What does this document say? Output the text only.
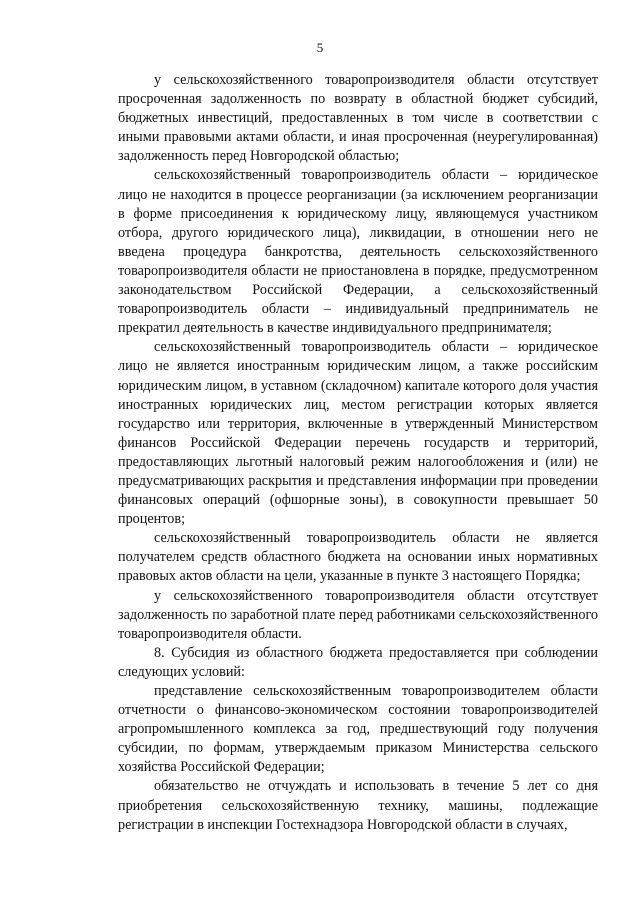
5

у сельскохозяйственного товаропроизводителя области отсутствует просроченная задолженность по возврату в областной бюджет субсидий, бюджетных инвестиций, предоставленных в том числе в соответствии с иными правовыми актами области, и иная просроченная (неурегулированная) задолженность перед Новгородской областью;

сельскохозяйственный товаропроизводитель области – юридическое лицо не находится в процессе реорганизации (за исключением реорганизации в форме присоединения к юридическому лицу, являющемуся участником отбора, другого юридического лица), ликвидации, в отношении него не введена процедура банкротства, деятельность сельскохозяйственного товаропроизводителя области не приостановлена в порядке, предусмотренном законодательством Российской Федерации, а сельскохозяйственный товаропроизводитель области – индивидуальный предприниматель не прекратил деятельность в качестве индивидуального предпринимателя;

сельскохозяйственный товаропроизводитель области – юридическое лицо не является иностранным юридическим лицом, а также российским юридическим лицом, в уставном (складочном) капитале которого доля участия иностранных юридических лиц, местом регистрации которых является государство или территория, включенные в утвержденный Министерством финансов Российской Федерации перечень государств и территорий, предоставляющих льготный налоговый режим налогообложения и (или) не предусматривающих раскрытия и представления информации при проведении финансовых операций (офшорные зоны), в совокупности превышает 50 процентов;

сельскохозяйственный товаропроизводитель области не является получателем средств областного бюджета на основании иных нормативных правовых актов области на цели, указанные в пункте 3 настоящего Порядка;

у сельскохозяйственного товаропроизводителя области отсутствует задолженность по заработной плате перед работниками сельскохозяйственного товаропроизводителя области.

8. Субсидия из областного бюджета предоставляется при соблюдении следующих условий:

представление сельскохозяйственным товаропроизводителем области отчетности о финансово-экономическом состоянии товаропроизводителей агропромышленного комплекса за год, предшествующий году получения субсидии, по формам, утверждаемым приказом Министерства сельского хозяйства Российской Федерации;

обязательство не отчуждать и использовать в течение 5 лет со дня приобретения сельскохозяйственную технику, машины, подлежащие регистрации в инспекции Гостехнадзора Новгородской области в случаях,
